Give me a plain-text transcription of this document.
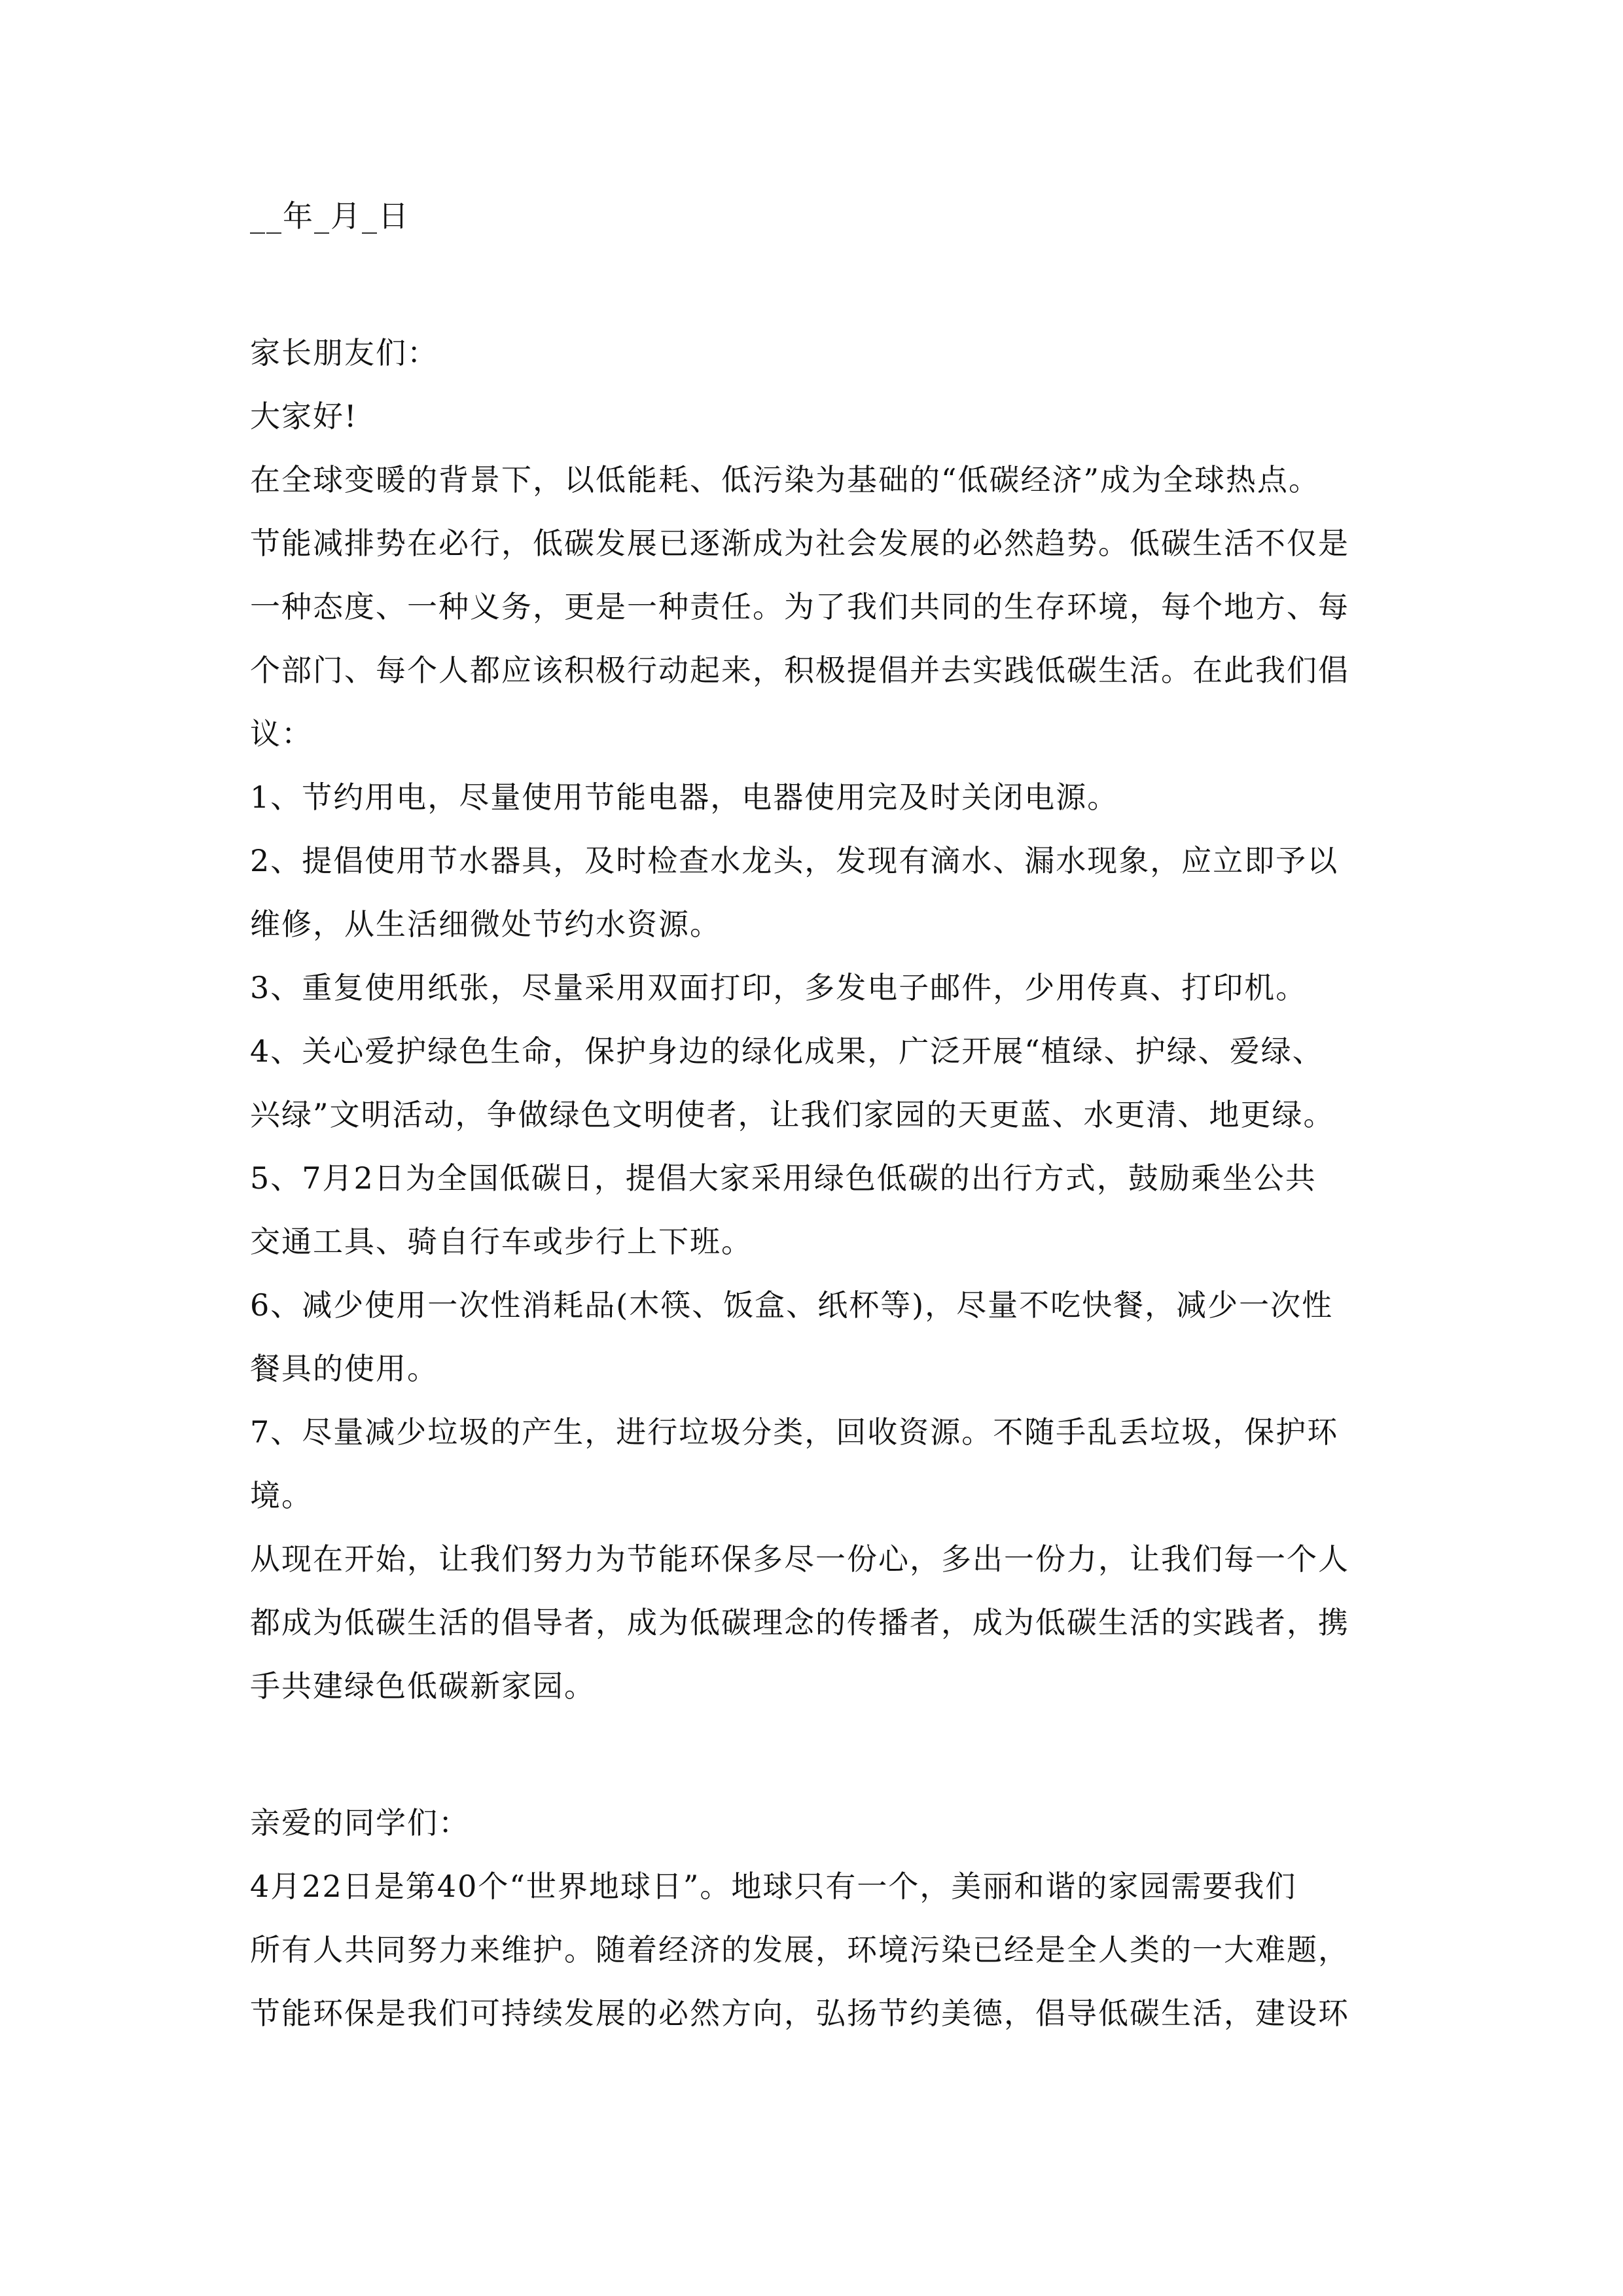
__年_月_日
家长朋友们：
大家好!
在全球变暖的背景下，以低能耗、低污染为基础的“低碳经济”成为全球热点。
节能减排势在必行，低碳发展已逐渐成为社会发展的必然趋势。低碳生活不仅是
一种态度、一种义务，更是一种责任。为了我们共同的生存环境，每个地方、每
个部门、每个人都应该积极行动起来，积极提倡并去实践低碳生活。在此我们倡
议：
1、节约用电，尽量使用节能电器，电器使用完及时关闭电源。
2、提倡使用节水器具，及时检查水龙头，发现有滴水、漏水现象，应立即予以
维修，从生活细微处节约水资源。
3、重复使用纸张，尽量采用双面打印，多发电子邮件，少用传真、打印机。
4、关心爱护绿色生命，保护身边的绿化成果，广泛开展“植绿、护绿、爱绿、
兴绿”文明活动，争做绿色文明使者，让我们家园的天更蓝、水更清、地更绿。
5、7月2日为全国低碳日，提倡大家采用绿色低碳的出行方式，鼓励乘坐公共
交通工具、骑自行车或步行上下班。
6、减少使用一次性消耗品(木筷、饭盒、纸杯等)，尽量不吃快餐，减少一次性
餐具的使用。
7、尽量减少垃圾的产生，进行垃圾分类，回收资源。不随手乱丢垃圾，保护环
境。
从现在开始，让我们努力为节能环保多尽一份心，多出一份力，让我们每一个人
都成为低碳生活的倡导者，成为低碳理念的传播者，成为低碳生活的实践者，携
手共建绿色低碳新家园。
亲爱的同学们：
4月22日是第40个“世界地球日”。地球只有一个，美丽和谐的家园需要我们
所有人共同努力来维护。随着经济的发展，环境污染已经是全人类的一大难题，
节能环保是我们可持续发展的必然方向，弘扬节约美德，倡导低碳生活，建设环
